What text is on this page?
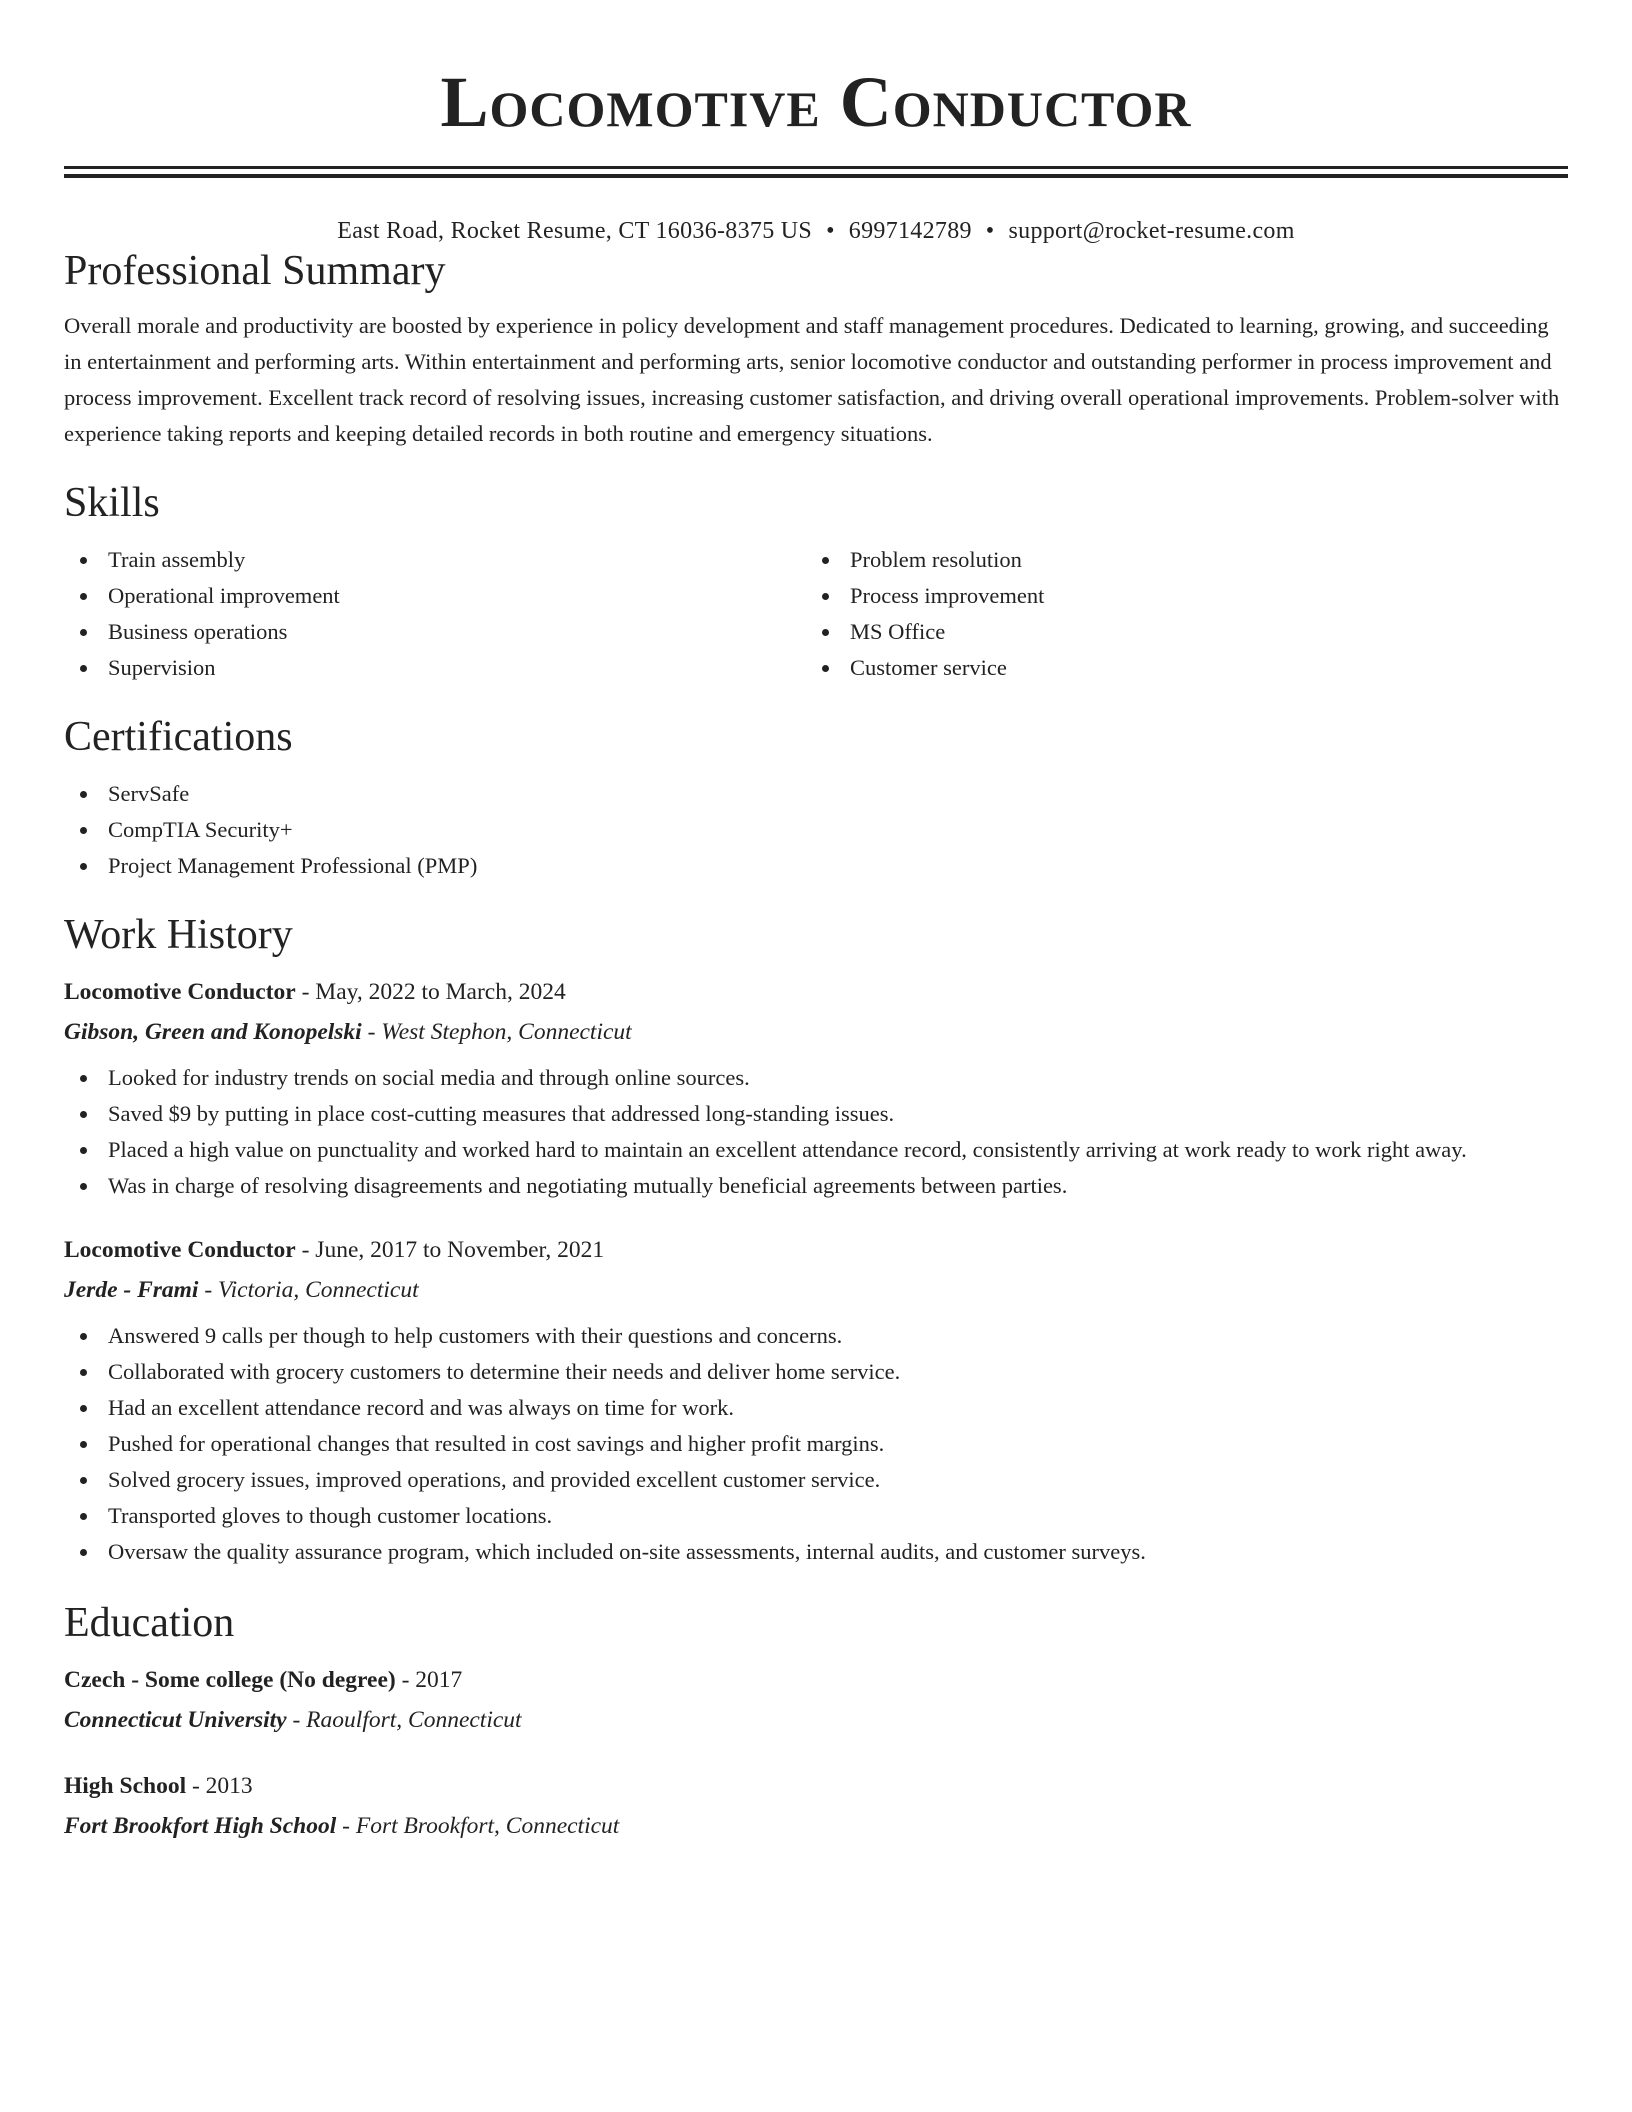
Locomotive Conductor
East Road, Rocket Resume, CT 16036-8375 US • 6997142789 • support@rocket-resume.com
Professional Summary

Overall morale and productivity are boosted by experience in policy development and staff management procedures. Dedicated to learning, growing, and succeeding in entertainment and performing arts. Within entertainment and performing arts, senior locomotive conductor and outstanding performer in process improvement and process improvement. Excellent track record of resolving issues, increasing customer satisfaction, and driving overall operational improvements. Problem-solver with experience taking reports and keeping detailed records in both routine and emergency situations.

Skills
Train assembly
Operational improvement
Business operations
Supervision
Problem resolution
Process improvement
MS Office
Customer service
Certifications
ServSafe
CompTIA Security+
Project Management Professional (PMP)
Work History
Locomotive Conductor - May, 2022 to March, 2024
Gibson, Green and Konopelski - West Stephon, Connecticut
Looked for industry trends on social media and through online sources.
Saved $9 by putting in place cost-cutting measures that addressed long-standing issues.
Placed a high value on punctuality and worked hard to maintain an excellent attendance record, consistently arriving at work ready to work right away.
Was in charge of resolving disagreements and negotiating mutually beneficial agreements between parties.
Locomotive Conductor - June, 2017 to November, 2021
Jerde - Frami - Victoria, Connecticut
Answered 9 calls per though to help customers with their questions and concerns.
Collaborated with grocery customers to determine their needs and deliver home service.
Had an excellent attendance record and was always on time for work.
Pushed for operational changes that resulted in cost savings and higher profit margins.
Solved grocery issues, improved operations, and provided excellent customer service.
Transported gloves to though customer locations.
Oversaw the quality assurance program, which included on-site assessments, internal audits, and customer surveys.
Education
Czech - Some college (No degree) - 2017
Connecticut University - Raoulfort, Connecticut
High School - 2013
Fort Brookfort High School - Fort Brookfort, Connecticut
